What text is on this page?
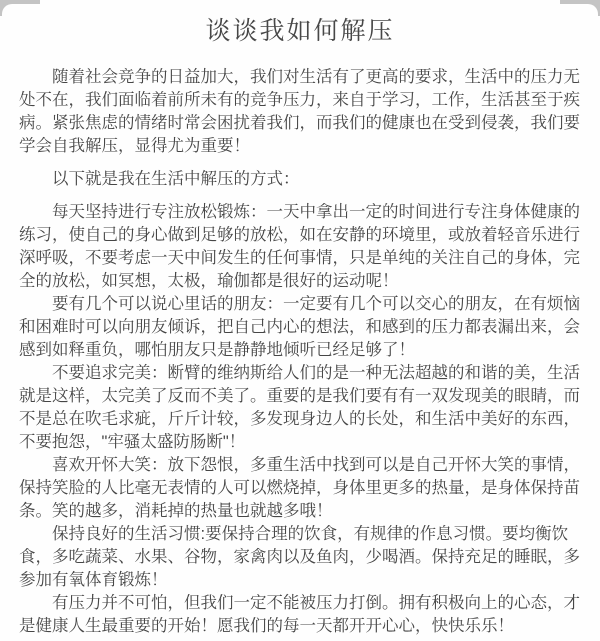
谈谈我如何解压

随着社会竞争的日益加大，我们对生活有了更高的要求，生活中的压力无处不在，我们面临着前所未有的竞争压力，来自于学习，工作，生活甚至于疾病。紧张焦虑的情绪时常会困扰着我们，而我们的健康也在受到侵袭，我们要学会自我解压，显得尤为重要！

以下就是我在生活中解压的方式：

每天坚持进行专注放松锻炼：一天中拿出一定的时间进行专注身体健康的练习，使自己的身心做到足够的放松，如在安静的环境里，或放着轻音乐进行深呼吸，不要考虑一天中间发生的任何事情，只是单纯的关注自己的身体，完全的放松，如冥想，太极，瑜伽都是很好的运动呢！

要有几个可以说心里话的朋友：一定要有几个可以交心的朋友，在有烦恼和困难时可以向朋友倾诉，把自己内心的想法，和感到的压力都表漏出来，会感到如释重负，哪怕朋友只是静静地倾听已经足够了！

不要追求完美：断臂的维纳斯给人们的是一种无法超越的和谐的美，生活就是这样，太完美了反而不美了。重要的是我们要有有一双发现美的眼睛，而不是总在吹毛求疵，斤斤计较，多发现身边人的长处，和生活中美好的东西，不要抱怨，"牢骚太盛防肠断"！

喜欢开怀大笑：放下怨恨，多重生活中找到可以是自己开怀大笑的事情，保持笑脸的人比毫无表情的人可以燃烧掉，身体里更多的热量，是身体保持苗条。笑的越多，消耗掉的热量也就越多哦！

保持良好的生活习惯:要保持合理的饮食，有规律的作息习惯。要均衡饮食，多吃蔬菜、水果、谷物，家禽肉以及鱼肉，少喝酒。保持充足的睡眠，多参加有氧体育锻炼！

有压力并不可怕，但我们一定不能被压力打倒。拥有积极向上的心态，才是健康人生最重要的开始！愿我们的每一天都开开心心，快快乐乐！
